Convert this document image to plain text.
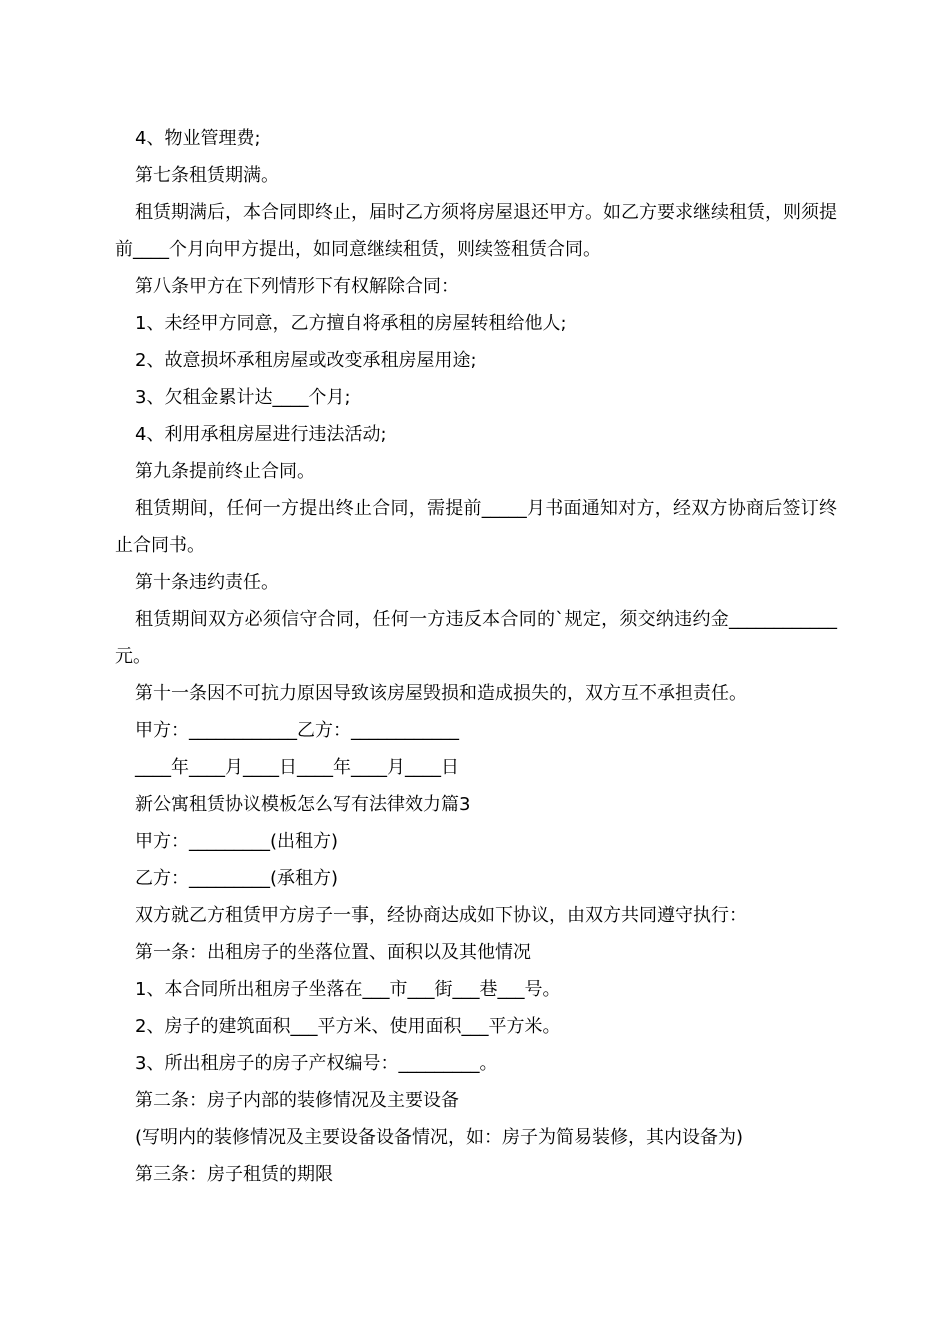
4、物业管理费;

第七条租赁期满。

租赁期满后，本合同即终止，届时乙方须将房屋退还甲方。如乙方要求继续租赁，则须提前____个月向甲方提出，如同意继续租赁，则续签租赁合同。

第八条甲方在下列情形下有权解除合同：

1、未经甲方同意，乙方擅自将承租的房屋转租给他人;

2、故意损坏承租房屋或改变承租房屋用途;

3、欠租金累计达____个月;

4、利用承租房屋进行违法活动;

第九条提前终止合同。

租赁期间，任何一方提出终止合同，需提前_____月书面通知对方，经双方协商后签订终止合同书。

第十条违约责任。

租赁期间双方必须信守合同，任何一方违反本合同的`规定，须交纳违约金____________元。

第十一条因不可抗力原因导致该房屋毁损和造成损失的，双方互不承担责任。

甲方：____________乙方：____________

____年____月____日____年____月____日

新公寓租赁协议模板怎么写有法律效力篇3

甲方：_________(出租方)

乙方：_________(承租方)

双方就乙方租赁甲方房子一事，经协商达成如下协议，由双方共同遵守执行：

第一条：出租房子的坐落位置、面积以及其他情况

1、本合同所出租房子坐落在___市___街___巷___号。

2、房子的建筑面积___平方米、使用面积___平方米。

3、所出租房子的房子产权编号：_________。

第二条：房子内部的装修情况及主要设备

(写明内的装修情况及主要设备设备情况，如：房子为简易装修，其内设备为)

第三条：房子租赁的期限
